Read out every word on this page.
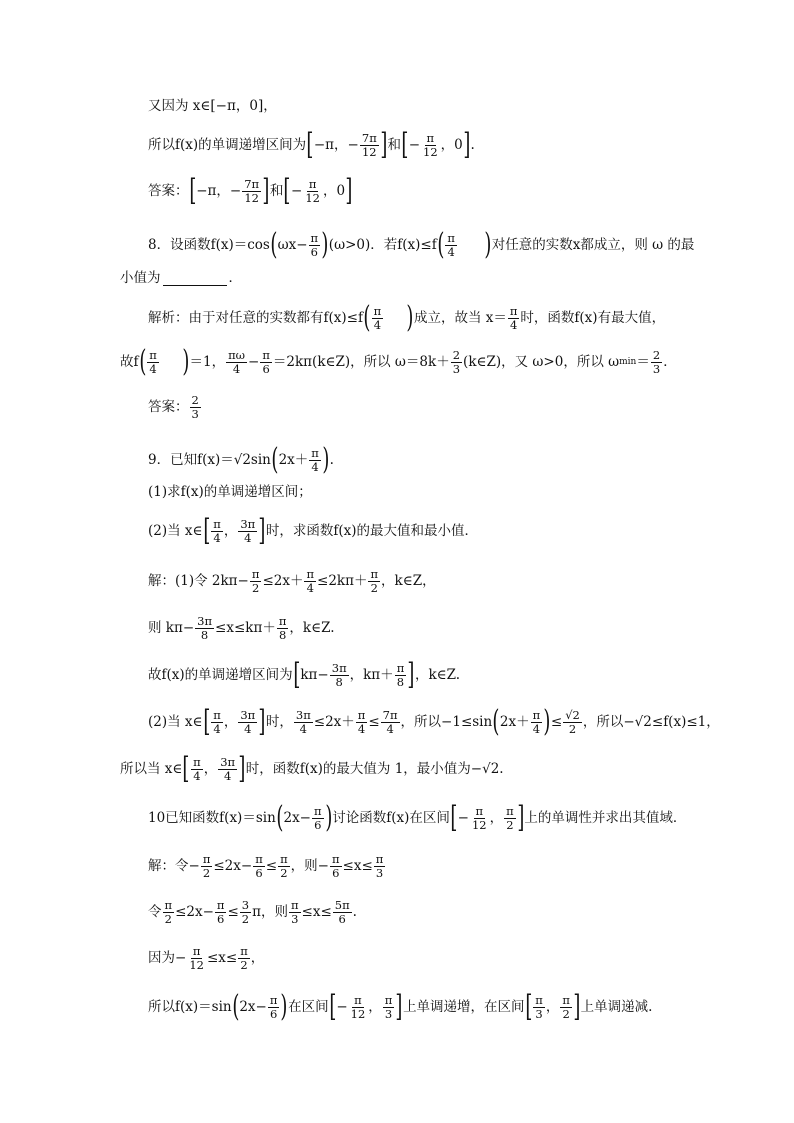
又因为 x∈[−π，0]，
所以f(x)的单调递增区间为 [ −π，− $\frac{7\pi}{12}$ ] 和 [ − $\frac{\pi}{12}$ ，0 ] .
答案： [ −π，− $\frac{7\pi}{12}$ ] 和 [ − $\frac{\pi}{12}$ ，0 ]
8．设函数f(x)＝cos ( $\omega x- \frac{\pi}{6}$ ) (ω>0)．若f(x)≤f ( $\frac{\pi}{4}$ ) 对任意的实数x都成立，则 ω 的最
小值为	．
解析：由于对任意的实数都有f(x)≤f ( $\frac{\pi}{4}$ ) 成立，故当 $x= \frac{\pi}{4}$ 时，函数f(x)有最大值，
故f ( $\frac{\pi}{4}$ ) ＝1， $\frac{\pi\omega}{4} - \frac{\pi}{6}$ ＝2kπ(k∈Z)，所以 $\omega=8k+ \frac{2}{3}$ (k∈Z)，又 ω>0，所以 ω $\min = \frac{2}{3}$ ．
答案： $\frac{2}{3}$
9．已知f(x)＝√2sin ( $2x+ \frac{\pi}{4}$ ) .
(1)求f(x)的单调递增区间；
(2)当 x∈ [ $\frac{\pi}{4}$ ， $\frac{3\pi}{4}$ ] 时，求函数f(x)的最大值和最小值．
解：(1)令 $2k\pi- \frac{\pi}{2} \le 2x+ \frac{\pi}{4} \le 2k\pi+ \frac{\pi}{2}$ ，k∈Z，
则 $k\pi- \frac{3\pi}{8} \le x\le k\pi+ \frac{\pi}{8}$ ，k∈Z.
故f(x)的单调递增区间为 [ $k\pi- \frac{3\pi}{8}$ ，$k\pi+ \frac{\pi}{8}$ ] ，k∈Z.
(2)当 x∈ [ $\frac{\pi}{4}$ ， $\frac{3\pi}{4}$ ] 时， $\frac{3\pi}{4} \le 2x+ \frac{\pi}{4} \le \frac{7\pi}{4}$ ，所以−1≤sin ( $2x+ \frac{\pi}{4}$ ) ≤ $\frac{√2}{2}$ ，所以−√2≤f(x)≤1，
所以当 x∈ [ $\frac{\pi}{4}$ ， $\frac{3\pi}{4}$ ] 时，函数f(x)的最大值为 1，最小值为−√2.
10已知函数f(x)＝sin ( $2x- \frac{\pi}{6}$ ) 讨论函数f(x)在区间 [ − $\frac{\pi}{12}$ ， $\frac{\pi}{2}$ ] 上的单调性并求出其值域．
解：令− $\frac{\pi}{2} \le 2x- \frac{\pi}{6} \le \frac{\pi}{2}$ ，则− $\frac{\pi}{6} \le x\le \frac{\pi}{3}$
令 $\frac{\pi}{2} \le 2x- \frac{\pi}{6} \le \frac{3}{2}$ π，则 $\frac{\pi}{3} \le x\le \frac{5\pi}{6}$ .
因为− $\frac{\pi}{12} \le x\le \frac{\pi}{2}$ ，
所以f(x)＝sin ( $2x- \frac{\pi}{6}$ ) 在区间 [ − $\frac{\pi}{12}$ ， $\frac{\pi}{3}$ ] 上单调递增，在区间 [ $\frac{\pi}{3}$ ， $\frac{\pi}{2}$ ] 上单调递减.
